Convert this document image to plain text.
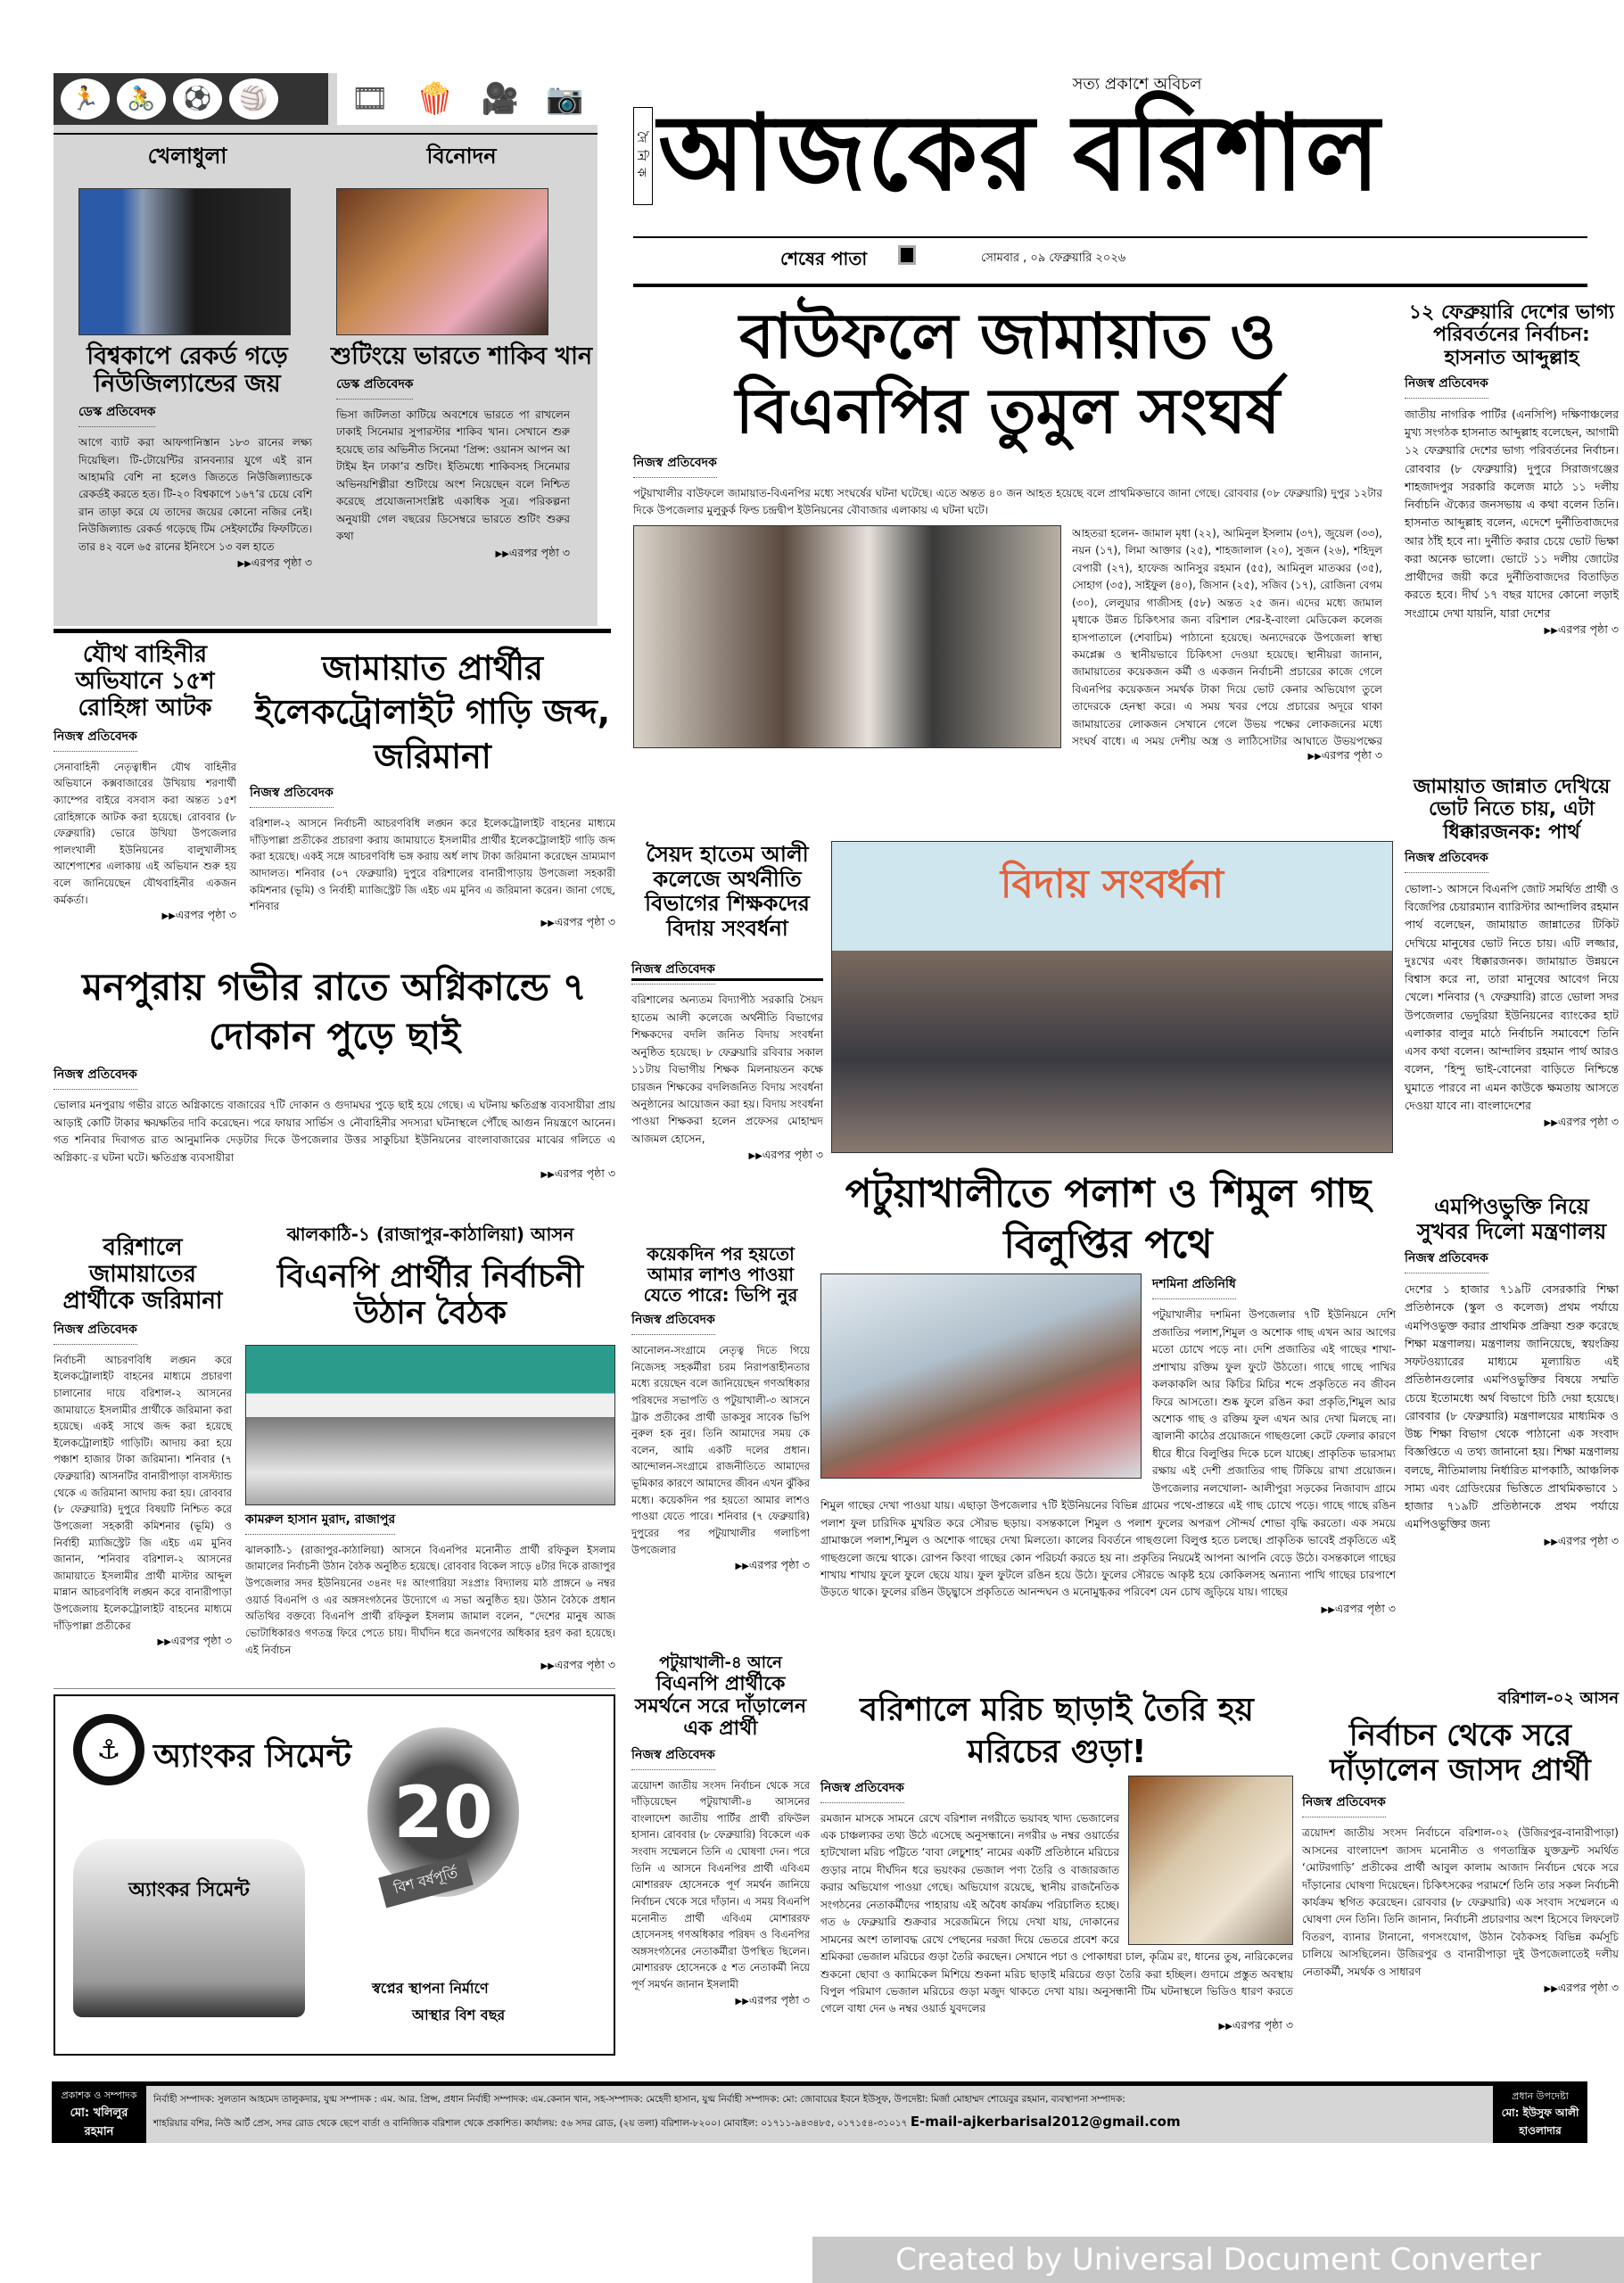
🏃	🚴	⚽	🏐	🎞 🍿 🎥 📷
খেলাধুলা
বিশ্বকাপে রেকর্ড গড়ে নিউজিল্যান্ডের জয়
ডেস্ক প্রতিবেদক
আগে ব্যাট করা আফগানিস্তান ১৮৩ রানের লক্ষ্য দিয়েছিল। টি-টোয়েন্টির রানবন্যার যুগে এই রান আহামরি বেশি না হলেও জিততে নিউজিল্যান্ডকে রেকর্ডই করতে হত। টি-২০ বিশ্বকাপে ১৬৭’র চেয়ে বেশি রান তাড়া করে যে তাদের জয়ের কোনো নজির নেই। নিউজিল্যান্ড রেকর্ড গড়েছে টিম সেইফার্টের ফিফটিতে। তার ৪২ বলে ৬৫ রানের ইনিংসে ১৩ বল হাতে
▶▶ এরপর পৃষ্ঠা ৩
বিনোদন
শুটিংয়ে ভারতে শাকিব খান
ডেস্ক প্রতিবেদক
ভিসা জটিলতা কাটিয়ে অবশেষে ভারতে পা রাখলেন ঢাকাই সিনেমার সুপারস্টার শাকিব খান। সেখানে শুরু হয়েছে তার অভিনীত সিনেমা ‘প্রিন্স: ওয়ানস আপন আ টাইম ইন ঢাকা’র শুটিং। ইতিমধ্যে শাকিবসহ সিনেমার অভিনয়শিল্পীরা শুটিংয়ে অংশ নিয়েছেন বলে নিশ্চিত করেছে প্রযোজনাসংশ্লিষ্ট একাধিক সূত্র। পরিকল্পনা অনুযায়ী গেল বছরের ডিসেম্বরে ভারতে শুটিং শুরুর কথা
▶▶ এরপর পৃষ্ঠা ৩
সত্য প্রকাশে অবিচল
দৈনিক আজকের বরিশাল
শেষের পাতা	সোমবার , ০৯ ফেব্রুয়ারি ২০২৬
বাউফলে জামায়াত ও বিএনপির তুমুল সংঘর্ষ
নিজস্ব প্রতিবেদক
পটুয়াখালীর বাউফলে জামায়াত-বিএনপির মধ্যে সংঘর্ষের ঘটনা ঘটেছে। এতে অন্তত ৪০ জন আহত হয়েছে বলে প্রাথমিকভাবে জানা গেছে। রোববার (০৮ ফেব্রুয়ারি) দুপুর ১২টার দিকে উপজেলার মুলুকুর্ক ফিল্ড চন্দ্রদ্বীপ ইউনিয়নের বৌবাজার এলাকায় এ ঘটনা ঘটে।
আহতরা হলেন- জামাল মৃধা (২২), আমিনুল ইসলাম (৩৭), জুয়েল (৩৩), নয়ন (১৭), লিমা আক্তার (২৫), শাহজালাল (২০), সুজন (২৬), শহিদুল বেপারী (২৭), হাফেজ আনিসুর রহমান (৫৫), আমিনুল মাতব্বর (৩৫), সোহাগ (৩৫), সাইফুল (৪০), জিসান (২৫), সজিব (১৭), রোজিনা বেগম (৩০), লেলুয়ার গাজীসহ (৫৮) অন্তত ২৫ জন। এদের মধ্যে জামাল মৃধাকে উন্নত চিকিৎসার জন্য বরিশাল শের-ই-বাংলা মেডিকেল কলেজ হাসপাতালে (শেবাচিম) পাঠানো হয়েছে। অন্যদেরকে উপজেলা স্বাস্থ্য কমপ্লেক্স ও স্থানীয়ভাবে চিকিৎসা দেওয়া হয়েছে। স্থানীয়রা জানান, জামায়াতের কয়েকজন কর্মী ও একজন নির্বাচনী প্রচারের কাজে গেলে বিএনপির কয়েকজন সমর্থক টাকা দিয়ে ভোট কেনার অভিযোগ তুলে তাদেরকে হেনস্থা করে। এ সময় খবর পেয়ে প্রচারের অদূরে থাকা জামায়াতের লোকজন সেখানে গেলে উভয় পক্ষের লোকজনের মধ্যে সংঘর্ষ বাধে। এ সময় দেশীয় অস্ত্র ও লাঠিসোটার আঘাতে উভয়পক্ষের
▶▶ এরপর পৃষ্ঠা ৩
১২ ফেব্রুয়ারি দেশের ভাগ্য পরিবর্তনের নির্বাচন: হাসনাত আব্দুল্লাহ
নিজস্ব প্রতিবেদক
জাতীয় নাগরিক পার্টির (এনসিপি) দক্ষিণাঞ্চলের মুখ্য সংগঠক হাসনাত আব্দুল্লাহ বলেছেন, আগামী ১২ ফেব্রুয়ারি দেশের ভাগ্য পরিবর্তনের নির্বাচন। রোববার (৮ ফেব্রুয়ারি) দুপুরে সিরাজগঞ্জের শাহজাদপুর সরকারি কলেজ মাঠে ১১ দলীয় নির্বাচনি ঐক্যের জনসভায় এ কথা বলেন তিনি। হাসনাত আব্দুল্লাহ বলেন, এদেশে দুর্নীতিবাজদের আর ঠাঁই হবে না। দুর্নীতি করার চেয়ে ভোট ভিক্ষা করা অনেক ভালো। ভোটে ১১ দলীয় জোটের প্রার্থীদের জয়ী করে দুর্নীতিবাজদের বিতাড়িত করতে হবে। দীর্ঘ ১৭ বছর যাদের কোনো লড়াই সংগ্রামে দেখা যায়নি, যারা দেশের
▶▶ এরপর পৃষ্ঠা ৩
যৌথ বাহিনীর অভিযানে ১৫শ রোহিঙ্গা আটক
নিজস্ব প্রতিবেদক
সেনাবাহিনী নেতৃত্বাধীন যৌথ বাহিনীর অভিযানে কক্সবাজারের উখিয়ায় শরণার্থী ক্যাম্পের বাইরে বসবাস করা অন্তত ১৫শ রোহিঙ্গাকে আটক করা হয়েছে। রোববার (৮ ফেব্রুয়ারি) ভোরে উখিয়া উপজেলার পালংখালী ইউনিয়নের বালুখালীসহ আশেপাশের এলাকায় এই অভিযান শুরু হয় বলে জানিয়েছেন যৌথবাহিনীর একজন কর্মকর্তা।
▶▶ এরপর পৃষ্ঠা ৩
জামায়াত প্রার্থীর ইলেকট্রোলাইট গাড়ি জব্দ, জরিমানা
নিজস্ব প্রতিবেদক
বরিশাল-২ আসনে নির্বাচনী আচরণবিধি লঙ্ঘন করে ইলেকট্রোলাইট বাহনের মাধ্যমে দাঁড়িপাল্লা প্রতীকের প্রচারণা করায় জামায়াতে ইসলামীর প্রার্থীর ইলেকট্রোলাইট গাড়ি জব্দ করা হয়েছে। একই সঙ্গে আচরণবিধি ভঙ্গ করায় অর্ধ লাখ টাকা জরিমানা করেছেন ভ্রাম্যমাণ আদালত। শনিবার (০৭ ফেব্রুয়ারি) দুপুরে বরিশালের বানারীপাড়ায় উপজেলা সহকারী কমিশনার (ভূমি) ও নির্বাহী ম্যাজিস্ট্রেট জি এইচ এম মুনিব এ জরিমানা করেন। জানা গেছে, শনিবার
▶▶ এরপর পৃষ্ঠা ৩
সৈয়দ হাতেম আলী কলেজে অর্থনীতি বিভাগের শিক্ষকদের বিদায় সংবর্ধনা
নিজস্ব প্রতিবেদক
বরিশালের অন্যতম বিদ্যাপীঠ সরকারি সৈয়দ হাতেম আলী কলেজে অর্থনীতি বিভাগের শিক্ষকদের বদলি জনিত বিদায় সংবর্ধনা অনুষ্ঠিত হয়েছে। ৮ ফেব্রুয়ারি রবিবার সকাল ১১টায় বিভাগীয় শিক্ষক মিলনায়তন কক্ষে চারজন শিক্ষকের বদলিজনিত বিদায় সংবর্ধনা অনুষ্ঠানের আয়োজন করা হয়। বিদায় সংবর্ধনা পাওয়া শিক্ষকরা হলেন প্রফেসর মোহাম্মদ আজমল হোসেন,
▶▶ এরপর পৃষ্ঠা ৩
বিদায় সংবর্ধনা
জামায়াত জান্নাত দেখিয়ে ভোট নিতে চায়, এটা ধিক্কারজনক: পার্থ
নিজস্ব প্রতিবেদক
ভোলা-১ আসনে বিএনপি জোট সমর্থিত প্রার্থী ও বিজেপির চেয়ারম্যান ব্যারিস্টার আন্দালিব রহমান পার্থ বলেছেন, জামায়াত জান্নাতের টিকিট দেখিয়ে মানুষের ভোট নিতে চায়। এটি লজ্জার, দুঃখের এবং ধিক্কারজনক। জামায়াত উন্নয়নে বিশ্বাস করে না, তারা মানুষের আবেগ নিয়ে খেলে। শনিবার (৭ ফেব্রুয়ারি) রাতে ভোলা সদর উপজেলার ভেদুরিয়া ইউনিয়নের ব্যাংকের হাট এলাকার বালুর মাঠে নির্বাচনি সমাবেশে তিনি এসব কথা বলেন। আন্দালিব রহমান পার্থ আরও বলেন, ‘হিন্দু ভাই-বোনেরা বাড়িতে নিশ্চিন্তে ঘুমাতে পারবে না এমন কাউকে ক্ষমতায় আসতে দেওয়া যাবে না। বাংলাদেশের
▶▶ এরপর পৃষ্ঠা ৩
মনপুরায় গভীর রাতে অগ্নিকান্ডে ৭ দোকান পুড়ে ছাই
নিজস্ব প্রতিবেদক
ভোলার মনপুরায় গভীর রাতে অগ্নিকান্ডে বাজারের ৭টি দোকান ও গুদামঘর পুড়ে ছাই হয়ে গেছে। এ ঘটনায় ক্ষতিগ্রস্ত ব্যবসায়ীরা প্রায় আড়াই কোটি টাকার ক্ষয়ক্ষতির দাবি করেছেন। পরে ফায়ার সার্ভিস ও নৌবাহিনীর সদস্যরা ঘটনাস্থলে পৌঁছে আগুন নিয়ন্ত্রণে আনেন। গত শনিবার দিবাগত রাত আনুমানিক দেড়টার দিকে উপজেলার উত্তর সাকুচিয়া ইউনিয়নের বাংলাবাজারের মাঝের গলিতে এ অগ্নিকা-ের ঘটনা ঘটে। ক্ষতিগ্রস্ত ব্যবসায়ীরা
▶▶ এরপর পৃষ্ঠা ৩
বরিশালে জামায়াতের প্রার্থীকে জরিমানা
নিজস্ব প্রতিবেদক
নির্বাচনী আচরণবিধি লঙ্ঘন করে ইলেকট্রোলাইট বাহনের মাধ্যমে প্রচারণা চালানোর দায়ে বরিশাল-২ আসনের জামায়াতে ইসলামীর প্রার্থীকে জরিমানা করা হয়েছে। একই সাথে জব্দ করা হয়েছে ইলেকট্রোলাইট গাড়িটি। আদায় করা হয়ে পঞ্চাশ হাজার টাকা জরিমানা। শনিবার (৭ ফেব্রুয়ারি) আসনটির বানারীপাড়া বাসস্ট্যান্ড থেকে এ জরিমানা আদায় করা হয়। রোববার (৮ ফেব্রুয়ারি) দুপুরে বিষয়টি নিশ্চিত করে উপজেলা সহকারী কমিশনার (ভূমি) ও নির্বাহী ম্যাজিস্ট্রেট জি এইচ এম মুনিব জানান, ‘শনিবার বরিশাল-২ আসনের জামায়াতে ইসলামীর প্রার্থী মাস্টার আব্দুল মান্নান আচরণবিধি লঙ্ঘন করে বানারীপাড়া উপজেলায় ইলেকট্রোলাইট বাহনের মাধ্যমে দাঁড়িপাল্লা প্রতীকের
▶▶ এরপর পৃষ্ঠা ৩
ঝালকাঠি-১ (রাজাপুর-কাঠালিয়া) আসন
বিএনপি প্রার্থীর নির্বাচনী উঠান বৈঠক
কামরুল হাসান মুরাদ, রাজাপুর
ঝালকাঠি-১ (রাজাপুর-কাঠালিয়া) আসনে বিএনপির মনোনীত প্রার্থী রফিকুল ইসলাম জামালের নির্বাচনী উঠান বৈঠক অনুষ্ঠিত হয়েছে। রোববার বিকেল সাড়ে ৪টার দিকে রাজাপুর উপজেলার সদর ইউনিয়নের ৩৪নং দঃ আংগারিয়া সঃপ্রাঃ বিদ্যালয় মাঠ প্রাঙ্গনে ৬ নম্বর ওয়ার্ড বিএনপি ও এর অঙ্গসংগঠনের উদ্যোগে এ সভা অনুষ্ঠিত হয়। উঠান বৈঠকে প্রধান অতিথির বক্তব্যে বিএনপি প্রার্থী রফিকুল ইসলাম জামাল বলেন, “দেশের মানুষ আজ ভোটাধিকারও গণতন্ত্র ফিরে পেতে চায়। দীর্ঘদিন ধরে জনগণের অধিকার হরণ করা হয়েছে। এই নির্বাচন
▶▶ এরপর পৃষ্ঠা ৩
কয়েকদিন পর হয়তো আমার লাশও পাওয়া যেতে পারে: ভিপি নুর
নিজস্ব প্রতিবেদক
আনোলন-সংগ্রামে নেতৃত্ব দিতে গিয়ে নিজেসহ সহকর্মীরা চরম নিরাপত্তাহীনতার মধ্যে রয়েছেন বলে জানিয়েছেন গণঅধিকার পরিষদের সভাপতি ও পটুয়াখালী-৩ আসনে ট্রাক প্রতীকের প্রার্থী ডাকসুর সাবেক ভিপি নুরুল হক নুর। তিনি আমাদের সময় কে বলেন, আমি একটি দলের প্রধান। আন্দোলন-সংগ্রামে রাজনীতিতে আমাদের ভূমিকার কারণে আমাদের জীবন এখন ঝুঁকির মধ্যে। কয়েকদিন পর হয়তো আমার লাশও পাওয়া যেতে পারে। শনিবার (৭ ফেব্রুয়ারি) দুপুরের পর পটুয়াখালীর গলাচিপা উপজেলার
▶▶ এরপর পৃষ্ঠা ৩
পটুয়াখালীতে পলাশ ও শিমুল গাছ বিলুপ্তির পথে
দশমিনা প্রতিনিধি
পটুয়াখালীর দশমিনা উপজেলার ৭টি ইউনিয়নে দেশি প্রজাতির পলাশ,শিমুল ও অশোক গাছ এখন আর আগের মতো চোখে পড়ে না। দেশি প্রজাতির এই গাছের শাখা-প্রশাখায় রক্তিম ফুল ফুটে উঠতো। গাছে গাছে পাখির কলকাকলি আর কিচির মিচির শব্দে প্রকৃতিতে নব জীবন ফিরে আসতো। শুষ্ক ফুলে রঙিন করা প্রকৃতি,শিমুল আর অশোক গাছ ও রক্তিম ফুল এখন আর দেখা মিলছে না। জ্বালানী কাঠের প্রয়োজনে গাছগুলো কেটে ফেলার কারণে ধীরে ধীরে বিলুপ্তির দিকে চলে যাচ্ছে। প্রাকৃতিক ভারসাম্য রক্ষায় এই দেশী প্রজাতির গাছ টিকিয়ে রাখা প্রয়োজন। উপজেলার নলখোলা- আলীপুরা সড়কের নিজাবাদ গ্রামে শিমুল গাছের দেখা পাওয়া যায়। এছাড়া উপজেলার ৭টি ইউনিয়নের বিভিন্ন গ্রামের পথে-প্রান্তরে এই গাছ চোখে পড়ে। গাছে গাছে রঙিন পলাশ ফুল চারিদিক মুখরিত করে সৌরভ ছড়ায়। বসন্তকালে শিমুল ও পলাশ ফুলের অপরূপ সৌন্দর্য শোভা বৃদ্ধি করতো। এক সময়ে গ্রামাঞ্চলে পলাশ,শিমুল ও অশোক গাছের দেখা মিলতো। কালের বিবর্তনে গাছগুলো বিলুপ্ত হতে চলছে। প্রাকৃতিক ভাবেই প্রকৃতিতে এই গাছগুলো জন্মে থাকে। রোপন কিংবা গাছের কোন পরিচর্যা করতে হয় না। প্রকৃতির নিয়মেই আপনা আপনি বেড়ে উঠে। বসন্তকালে গাছের শাখায় শাখায় ফুলে ফুলে ছেয়ে যায়। ফুল ফুটলে রঙিন হয়ে উঠে। ফুলের সৌরভে আকৃষ্ট হয়ে কোকিলসহ অন্যান্য পাখি গাছের চারপাশে উড়তে থাকে। ফুলের রঙিন উচ্ছ্বাসে প্রকৃতিতে আনন্দঘন ও মনোমুগ্ধকর পরিবেশ যেন চোখ জুড়িয়ে যায়। গাছের
▶▶ এরপর পৃষ্ঠা ৩
এমপিওভুক্তি নিয়ে সুখবর দিলো মন্ত্রণালয়
নিজস্ব প্রতিবেদক
দেশের ১ হাজার ৭১৯টি বেসরকারি শিক্ষা প্রতিষ্ঠানকে (স্কুল ও কলেজ) প্রথম পর্যায়ে এমপিওভুক্ত করার প্রাথমিক প্রক্রিয়া শুরু করেছে শিক্ষা মন্ত্রণালয়। মন্ত্রণালয় জানিয়েছে, স্বয়ংক্রিয় সফটওয়্যারের মাধ্যমে মূল্যায়িত এই প্রতিষ্ঠানগুলোর এমপিওভুক্তির বিষয়ে সম্মতি চেয়ে ইতোমধ্যে অর্থ বিভাগে চিঠি দেয়া হয়েছে। রোববার (৮ ফেব্রুয়ারি) মন্ত্রণালয়ের মাধ্যমিক ও উচ্চ শিক্ষা বিভাগ থেকে পাঠানো এক সংবাদ বিজ্ঞপ্তিতে এ তথ্য জানানো হয়। শিক্ষা মন্ত্রণালয় বলছে, নীতিমালায় নির্ধারিত মাপকাঠি, আঞ্চলিক সাম্য এবং গ্রেডিংয়ের ভিত্তিতে প্রাথমিকভাবে ১ হাজার ৭১৯টি প্রতিষ্ঠানকে প্রথম পর্যায়ে এমপিওভুক্তির জন্য
▶▶ এরপর পৃষ্ঠা ৩
⚓	অ্যাংকর সিমেন্ট
অ্যাংকর সিমেন্ট
20
বিশ বর্ষপূর্তি
স্বপ্নের স্থাপনা নির্মাণে
আস্থার বিশ বছর
পটুয়াখালী-৪ আনে
বিএনপি প্রার্থীকে সমর্থনে সরে দাঁড়ালেন এক প্রার্থী
নিজস্ব প্রতিবেদক
ত্রয়োদশ জাতীয় সংসদ নির্বাচন থেকে সরে দাঁড়িয়েছেন পটুয়াখালী-৪ আসনের বাংলাদেশ জাতীয় পার্টির প্রার্থী রফিউল হাসান। রোববার (৮ ফেব্রুয়ারি) বিকেলে এক সংবাদ সম্মেলনে তিনি এ ঘোষণা দেন। পরে তিনি এ আসনে বিএনপির প্রার্থী এবিএম মোশাররফ হোসেনকে পূর্ণ সমর্থন জানিয়ে নির্বাচন থেকে সরে দাঁড়ান। এ সময় বিএনপি মনোনীত প্রার্থী এবিএম মোশাররফ হোসেনসহ গণঅধিকার পরিষদ ও বিএনপির অঙ্গসংগঠনের নেতাকর্মীরা উপস্থিত ছিলেন। মোশাররফ হোসেনকে ৫ শত নেতাকর্মী নিয়ে পূর্ণ সমর্থন জানান ইসলামী
▶▶ এরপর পৃষ্ঠা ৩
বরিশালে মরিচ ছাড়াই তৈরি হয় মরিচের গুড়া!
নিজস্ব প্রতিবেদক
রমজান মাসকে সামনে রেখে বরিশাল নগরীতে ভয়াবহ খাদ্য ভেজালের এক চাঞ্চল্যকর তথ্য উঠে এসেছে অনুসন্ধানে। নগরীর ৬ নম্বর ওয়ার্ডের হাটখোলা মরিচ পট্টিতে ‘বাবা লেচুশাহ’ নামের একটি প্রতিষ্ঠানে মরিচের গুড়ার নামে দীর্ঘদিন ধরে ভয়ংকর ভেজাল পণ্য তৈরি ও বাজারজাত করার অভিযোগ পাওয়া গেছে। অভিযোগ রয়েছে, স্থানীয় রাজনৈতিক সংগঠনের নেতাকর্মীদের পাহারায় এই অবৈধ কার্যক্রম পরিচালিত হচ্ছে। গত ৬ ফেব্রুয়ারি শুক্রবার সরেজমিনে গিয়ে দেখা যায়, দোকানের সামনের অংশ তালাবদ্ধ রেখে পেছনের দরজা দিয়ে ভেতরে প্রবেশ করে শ্রমিকরা ভেজাল মরিচের গুড়া তৈরি করছেন। সেখানে পচা ও পোকাধরা চাল, কৃত্রিম রং, ধানের তুষ, নারিকেলের শুকনো ছোবা ও ক্যামিকেল মিশিয়ে শুকনা মরিচ ছাড়াই মরিচের গুড়া তৈরি করা হচ্ছিল। গুদামে প্রস্তুত অবস্থায় বিপুল পরিমাণ ভেজাল মরিচের গুড়া মজুদ থাকতে দেখা যায়। অনুসন্ধানী টিম ঘটনাস্থলে ভিডিও ধারণ করতে গেলে বাধা দেন ৬ নম্বর ওয়ার্ড যুবদলের
▶▶ এরপর পৃষ্ঠা ৩
বরিশাল-০২ আসন
নির্বাচন থেকে সরে দাঁড়ালেন জাসদ প্রার্থী
নিজস্ব প্রতিবেদক
ত্রয়োদশ জাতীয় সংসদ নির্বাচনে বরিশাল-০২ (উজিরপুর-বানারীপাড়া) আসনের বাংলাদেশ জাসদ মনোনীত ও গণতান্ত্রিক যুক্তফ্রন্ট সমর্থিত ‘মোটরগাড়ি’ প্রতীকের প্রার্থী আবুল কালাম আজাদ নির্বাচন থেকে সরে দাঁড়ানোর ঘোষণা দিয়েছেন। চিকিৎসকের পরামর্শে তিনি তার সকল নির্বাচনী কার্যক্রম স্থগিত করেছেন। রোববার (৮ ফেব্রুয়ারি) এক সংবাদ সম্মেলনে এ ঘোষণা দেন তিনি। তিনি জানান, নির্বাচনী প্রচারণার অংশ হিসেবে লিফলেট বিতরণ, ব্যানার টানানো, গণসংযোগ, উঠান বৈঠকসহ বিভিন্ন কর্মসূচি চালিয়ে আসছিলেন। উজিরপুর ও বানারীপাড়া দুই উপজেলাতেই দলীয় নেতাকর্মী, সমর্থক ও সাধারণ
▶▶ এরপর পৃষ্ঠা ৩
প্রকাশক ও সম্পাদক
মো: খলিলুর রহমান
নির্বাহী সম্পাদক: সুলতান আহমেদ তালুকদার, যুগ্ম সম্পাদক : এম. আর. প্রিন্স, প্রধান নির্বাহী সম্পাদক: এম.কেনান খান, সহ-সম্পাদক: মেহেদী হাসান, যুগ্ম নির্বাহী সম্পাদক: মো: জোবায়ের ইবনে ইউসুফ, উপদেষ্টা: মির্জা মোহাম্মদ শোয়েবুর রহমান, ব্যবস্থাপনা সম্পাদক:
শাহরিয়ার বশির, নিউ আর্ট প্রেস, সদর রোড থেকে ছেপে বার্তা ও বানিজ্যিক বরিশাল থেকে প্রকাশিত। কার্যালয়: ৫৬ সদর রোড, (২য় তলা) বরিশাল-৮২০০। মোবাইল: ০১৭১১-৯৪৩৪৮৫, ০১৭১৫৪-৩১০১৭ E-mail-ajkerbarisal2012@gmail.com
প্রধান উপদেষ্টা
মো: ইউসুফ আলী হাওলাদার
Created by Universal Document Converter
